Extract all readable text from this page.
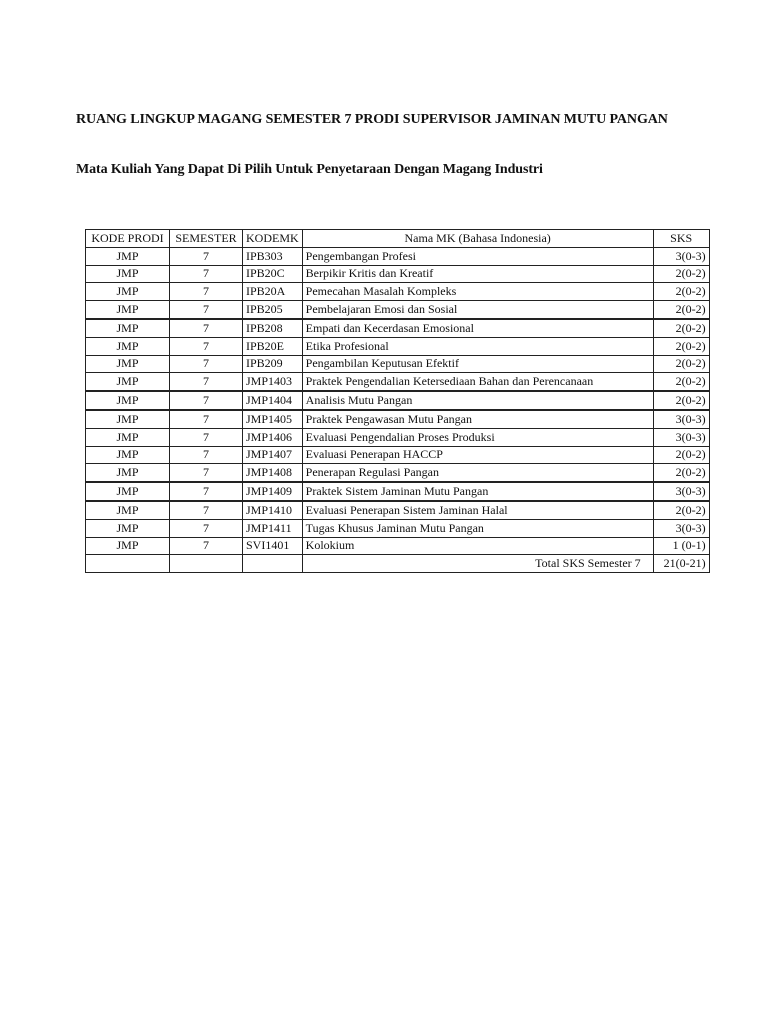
RUANG LINGKUP MAGANG SEMESTER 7 PRODI SUPERVISOR JAMINAN MUTU PANGAN
Mata Kuliah Yang Dapat Di Pilih Untuk Penyetaraan Dengan Magang Industri
KODE PRODI	SEMESTER	KODEMK	Nama MK (Bahasa Indonesia)	SKS
JMP	7	IPB303	Pengembangan Profesi	3(0-3)
JMP	7	IPB20C	Berpikir Kritis dan Kreatif	2(0-2)
JMP	7	IPB20A	Pemecahan Masalah Kompleks	2(0-2)
JMP	7	IPB205	Pembelajaran Emosi dan Sosial	2(0-2)
JMP	7	IPB208	Empati dan Kecerdasan Emosional	2(0-2)
JMP	7	IPB20E	Etika Profesional	2(0-2)
JMP	7	IPB209	Pengambilan Keputusan Efektif	2(0-2)
JMP	7	JMP1403	Praktek Pengendalian Ketersediaan Bahan dan Perencanaan	2(0-2)
JMP	7	JMP1404	Analisis Mutu Pangan	2(0-2)
JMP	7	JMP1405	Praktek Pengawasan Mutu Pangan	3(0-3)
JMP	7	JMP1406	Evaluasi Pengendalian Proses Produksi	3(0-3)
JMP	7	JMP1407	Evaluasi Penerapan HACCP	2(0-2)
JMP	7	JMP1408	Penerapan Regulasi Pangan	2(0-2)
JMP	7	JMP1409	Praktek Sistem Jaminan Mutu Pangan	3(0-3)
JMP	7	JMP1410	Evaluasi Penerapan Sistem Jaminan Halal	2(0-2)
JMP	7	JMP1411	Tugas Khusus Jaminan Mutu Pangan	3(0-3)
JMP	7	SVI1401	Kolokium	1 (0-1)
			Total SKS Semester 7	21(0-21)
